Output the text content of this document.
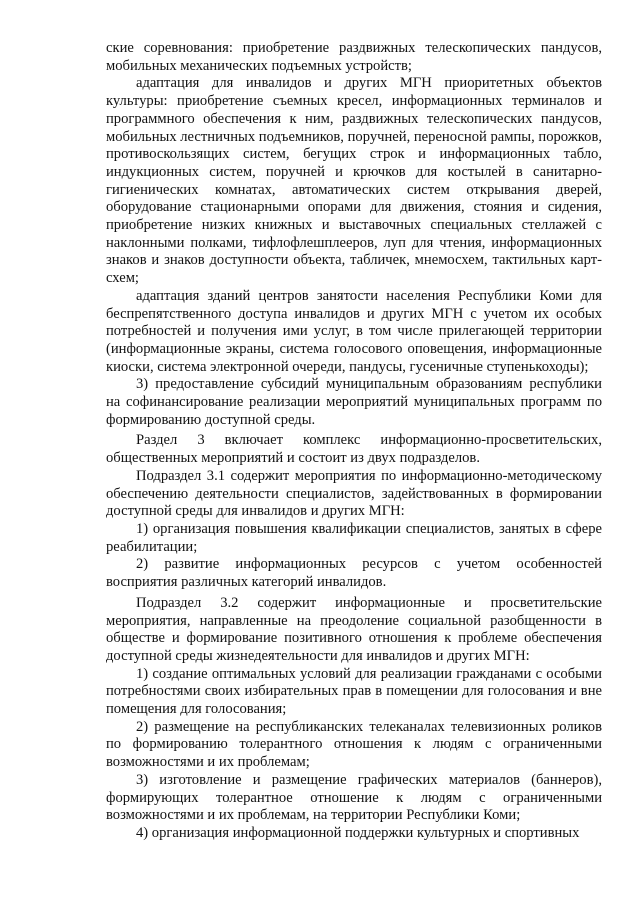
ские соревнования: приобретение раздвижных телескопических пандусов, мобильных механических подъемных устройств;

адаптация для инвалидов и других МГН приоритетных объектов культуры: приобретение съемных кресел, информационных терминалов и программного обеспечения к ним, раздвижных телескопических пандусов, мобильных лестничных подъемников, поручней, переносной рампы, порожков, противоскользящих систем, бегущих строк и информационных табло, индукционных систем, поручней и крючков для костылей в санитарно-гигиенических комнатах, автоматических систем открывания дверей, оборудование стационарными опорами для движения, стояния и сидения, приобретение низких книжных и выставочных специальных стеллажей с наклонными полками, тифлофлешплееров, луп для чтения, информационных знаков и знаков доступности объекта, табличек, мнемосхем, тактильных карт-схем;

адаптация зданий центров занятости населения Республики Коми для беспрепятственного доступа инвалидов и других МГН с учетом их особых потребностей и получения ими услуг, в том числе прилегающей территории (информационные экраны, система голосового оповещения, информационные киоски, система электронной очереди, пандусы, гусеничные ступенькоходы);

3) предоставление субсидий муниципальным образованиям республики на софинансирование реализации мероприятий муниципальных программ по формированию доступной среды.

Раздел 3 включает комплекс информационно-просветительских, общественных мероприятий и состоит из двух подразделов.

Подраздел 3.1 содержит мероприятия по информационно-методическому обеспечению деятельности специалистов, задействованных в формировании доступной среды для инвалидов и других МГН:

1) организация повышения квалификации специалистов, занятых в сфере реабилитации;

2) развитие информационных ресурсов с учетом особенностей восприятия различных категорий инвалидов.

Подраздел 3.2 содержит информационные и просветительские мероприятия, направленные на преодоление социальной разобщенности в обществе и формирование позитивного отношения к проблеме обеспечения доступной среды жизнедеятельности для инвалидов и других МГН:

1) создание оптимальных условий для реализации гражданами с особыми потребностями своих избирательных прав в помещении для голосования и вне помещения для голосования;

2) размещение на республиканских телеканалах телевизионных роликов по формированию толерантного отношения к людям с ограниченными возможностями и их проблемам;

3) изготовление и размещение графических материалов (баннеров), формирующих толерантное отношение к людям с ограниченными возможностями и их проблемам, на территории Республики Коми;

4) организация информационной поддержки культурных и спортивных
